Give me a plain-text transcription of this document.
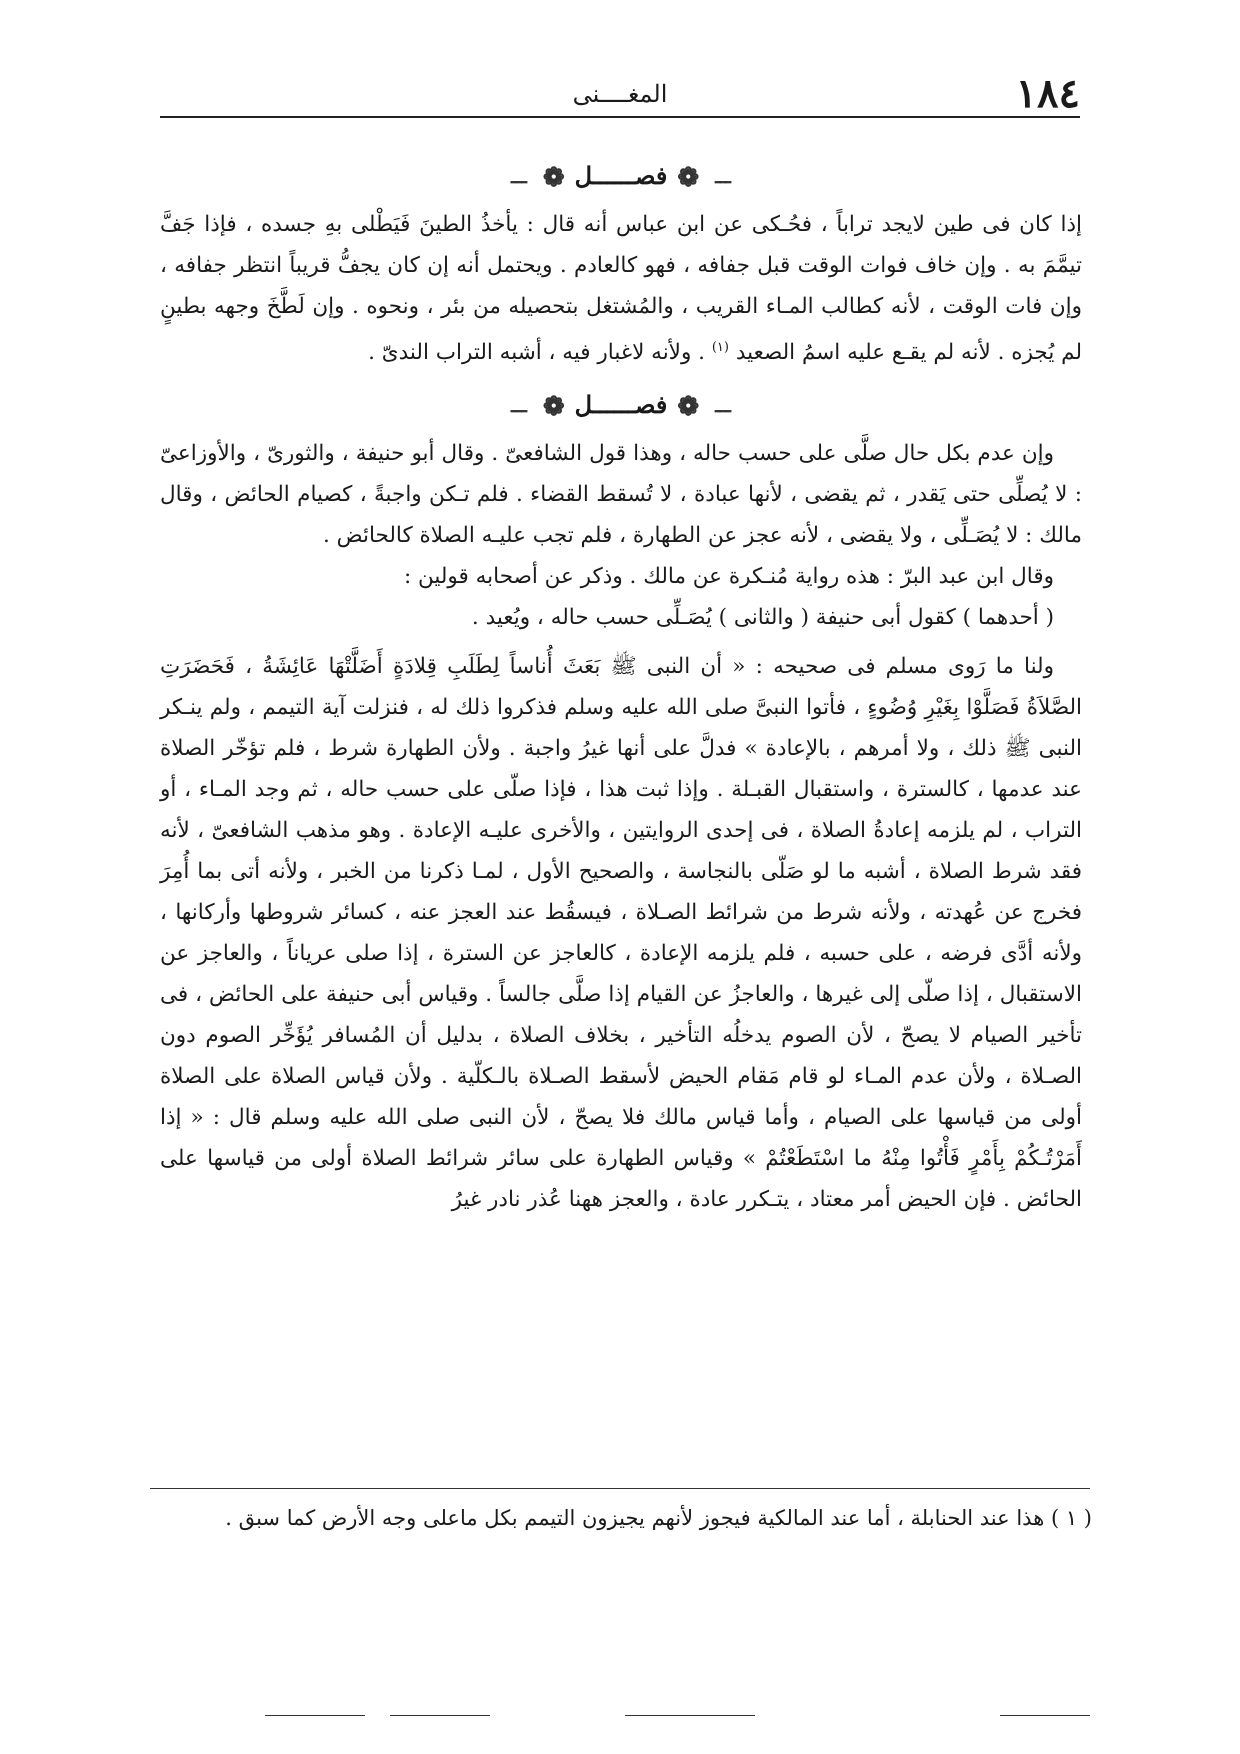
المغــــنى	١٨٤
ـــ❁فصــــــل❁ـــ

إذا كان فى طين لايجد تراباً ، فحُـكى عن ابن عباس أنه قال : يأخذُ الطينَ فَيَطْلى بهِ جسده ، فإذا جَفَّ تيمَّمَ به . وإن خاف فوات الوقت قبل جفافه ، فهو كالعادم . ويحتمل أنه إن كان يجفُّ قريباً انتظر جفافه ، وإن فات الوقت ، لأنه كطالب المـاء القريب ، والمُشتغل بتحصيله من بئر ، ونحوه . وإن لَطَّخَ وجهه بطينٍ لم يُجزه . لأنه لم يقـع عليه اسمُ الصعيد $^{(١)}$ . ولأنه لاغبار فيه ، أشبه التراب الندىّ .

ـــ❁فصــــــل❁ـــ

وإن عدم بكل حال صلَّى على حسب حاله ، وهذا قول الشافعىّ . وقال أبو حنيفة ، والثورىّ ، والأوزاعىّ : لا يُصلِّى حتى يَقدر ، ثم يقضى ، لأنها عبادة ، لا تُسقط القضاء . فلم تـكن واجبةً ، كصيام الحائض ، وقال مالك : لا يُصَـلِّى ، ولا يقضى ، لأنه عجز عن الطهارة ، فلم تجب عليـه الصلاة كالحائض .

وقال ابن عبد البرّ : هذه رواية مُنـكرة عن مالك . وذكر عن أصحابه قولين :

( أحدهما ) كقول أبى حنيفة ( والثانى ) يُصَـلِّى حسب حاله ، ويُعيد .

ولنا ما رَوى مسلم فى صحيحه : « أن النبى ﷺ بَعَثَ أُناساً لِطَلَبِ قِلادَةٍ أَضَلَّتْهَا عَائِشَةُ ، فَحَضَرَتِ الصَّلاَةُ فَصَلَّوْا بِغَيْرِ وُضُوءٍ ، فأتوا النبىَّ صلى الله عليه وسلم فذكروا ذلك له ، فنزلت آية التيمم ، ولم ينـكر النبى ﷺ ذلك ، ولا أمرهم ، بالإعادة » فدلَّ على أنها غيرُ واجبة . ولأن الطهارة شرط ، فلم تؤخّر الصلاة عند عدمها ، كالسترة ، واستقبال القبـلة . وإذا ثبت هذا ، فإذا صلّى على حسب حاله ، ثم وجد المـاء ، أو التراب ، لم يلزمه إعادةُ الصلاة ، فى إحدى الروايتين ، والأخرى عليـه الإعادة . وهو مذهب الشافعىّ ، لأنه فقد شرط الصلاة ، أشبه ما لو صَلّى بالنجاسة ، والصحيح الأول ، لمـا ذكرنا من الخبر ، ولأنه أتى بما أُمِرَ فخرج عن عُهدته ، ولأنه شرط من شرائط الصـلاة ، فيسقُط عند العجز عنه ، كسائر شروطها وأركانها ، ولأنه أدَّى فرضه ، على حسبه ، فلم يلزمه الإعادة ، كالعاجز عن السترة ، إذا صلى عرياناً ، والعاجز عن الاستقبال ، إذا صلّى إلى غيرها ، والعاجزُ عن القيام إذا صلَّى جالساً . وقياس أبى حنيفة على الحائض ، فى تأخير الصيام لا يصحّ ، لأن الصوم يدخلُه التأخير ، بخلاف الصلاة ، بدليل أن المُسافر يُؤَخِّر الصوم دون الصـلاة ، ولأن عدم المـاء لو قام مَقام الحيض لأسقط الصـلاة بالـكلّية . ولأن قياس الصلاة على الصلاة أولى من قياسها على الصيام ، وأما قياس مالك فلا يصحّ ، لأن النبى صلى الله عليه وسلم قال : « إذا أَمَرْتُـكُمْ بِأَمْرٍ فَأْتُوا مِنْهُ ما اسْتَطَعْتُمْ » وقياس الطهارة على سائر شرائط الصلاة أولى من قياسها على الحائض . فإن الحيض أمر معتاد ، يتـكرر عادة ، والعجز ههنا عُذر نادر غيرُ

( ١ ) هذا عند الحنابلة ، أما عند المالكية فيجوز لأنهم يجيزون التيمم بكل ماعلى وجه الأرض كما سبق .
